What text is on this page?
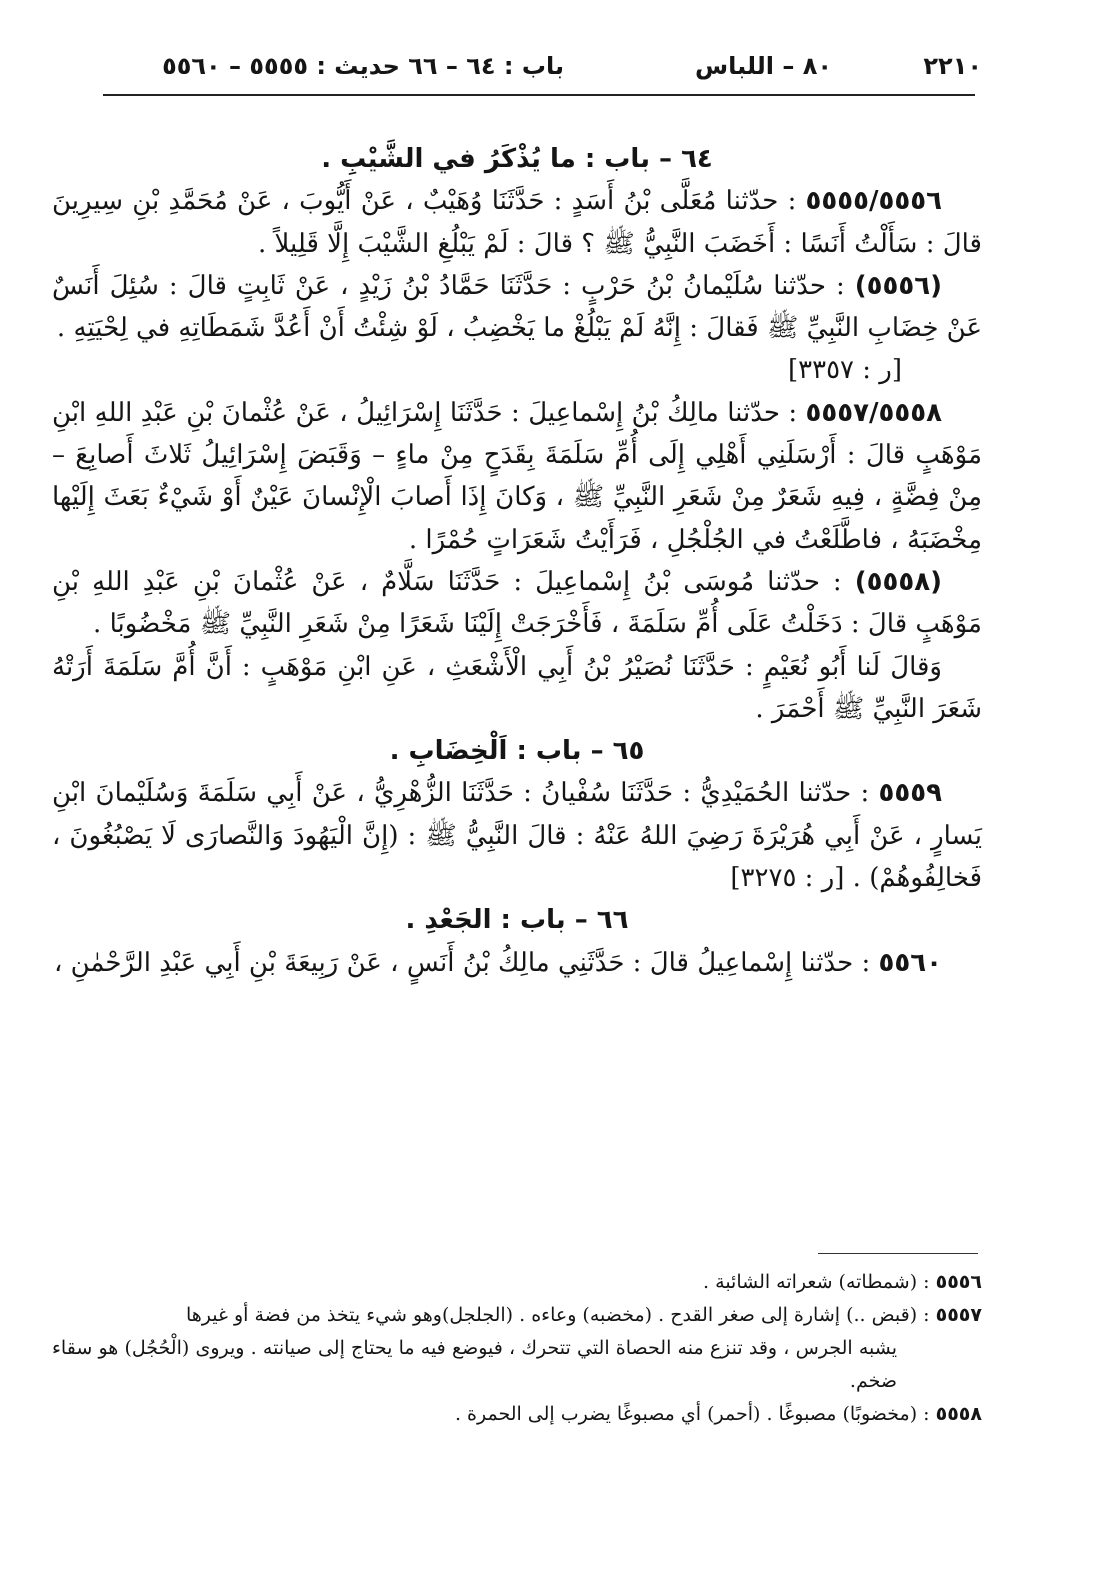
٢٢١٠
٨٠ – اللباس
باب : ٦٤ – ٦٦ حديث : ٥٥٥٥ – ٥٥٦٠

٦٤ – باب : ما يُذْكَرُ في الشَّيْبِ .

٥٥٥٥/٥٥٥٦ : حدّثنا مُعَلَّى بْنُ أَسَدٍ : حَدَّثَنَا وُهَيْبٌ ، عَنْ أَيُّوبَ ، عَنْ مُحَمَّدِ بْنِ سِيرِينَ قالَ : سَأَلْتُ أَنَسًا : أَخَضَبَ النَّبِيُّ ﷺ ؟ قالَ : لَمْ يَبْلُغِ الشَّيْبَ إِلَّا قَلِيلاً .

(٥٥٥٦) : حدّثنا سُلَيْمانُ بْنُ حَرْبٍ : حَدَّثَنَا حَمَّادُ بْنُ زَيْدٍ ، عَنْ ثَابِتٍ قالَ : سُئِلَ أَنَسٌ عَنْ خِضَابِ النَّبِيِّ ﷺ فَقالَ : إِنَّهُ لَمْ يَبْلُغْ ما يَخْضِبُ ، لَوْ شِئْتُ أَنْ أَعُدَّ شَمَطَاتِهِ في لِحْيَتِهِ .
[ر : ٣٣٥٧]

٥٥٥٧/٥٥٥٨ : حدّثنا مالِكُ بْنُ إِسْماعِيلَ : حَدَّثَنَا إِسْرَائِيلُ ، عَنْ عُثْمانَ بْنِ عَبْدِ اللهِ ابْنِ مَوْهَبٍ قالَ : أَرْسَلَنِي أَهْلِي إِلَى أُمِّ سَلَمَةَ بِقَدَحٍ مِنْ ماءٍ – وَقَبَضَ إِسْرَائِيلُ ثَلاثَ أَصابِعَ – مِنْ فِضَّةٍ ، فِيهِ شَعَرٌ مِنْ شَعَرِ النَّبِيِّ ﷺ ، وَكانَ إِذَا أَصابَ الْإِنْسانَ عَيْنٌ أَوْ شَيْءٌ بَعَثَ إِلَيْها مِخْضَبَهُ ، فاطَّلَعْتُ في الجُلْجُلِ ، فَرَأَيْتُ شَعَرَاتٍ حُمْرًا .

(٥٥٥٨) : حدّثنا مُوسَى بْنُ إِسْماعِيلَ : حَدَّثَنَا سَلَّامٌ ، عَنْ عُثْمانَ بْنِ عَبْدِ اللهِ بْنِ مَوْهَبٍ قالَ : دَخَلْتُ عَلَى أُمِّ سَلَمَةَ ، فَأَخْرَجَتْ إِلَيْنَا شَعَرًا مِنْ شَعَرِ النَّبِيِّ ﷺ مَخْضُوبًا .

وَقالَ لَنا أَبُو نُعَيْمٍ : حَدَّثَنَا نُصَيْرُ بْنُ أَبِي الْأَشْعَثِ ، عَنِ ابْنِ مَوْهَبٍ : أَنَّ أُمَّ سَلَمَةَ أَرَتْهُ شَعَرَ النَّبِيِّ ﷺ أَحْمَرَ .

٦٥ – باب : اَلْخِضَابِ .

٥٥٥٩ : حدّثنا الحُمَيْدِيُّ : حَدَّثَنَا سُفْيانُ : حَدَّثَنَا الزُّهْرِيُّ ، عَنْ أَبِي سَلَمَةَ وَسُلَيْمانَ ابْنِ يَسارٍ ، عَنْ أَبِي هُرَيْرَةَ رَضِيَ اللهُ عَنْهُ : قالَ النَّبِيُّ ﷺ : (إِنَّ الْيَهُودَ وَالنَّصارَى لَا يَصْبُغُونَ ، فَخالِفُوهُمْ) . [ر : ٣٢٧٥]

٦٦ – باب : الجَعْدِ .

٥٥٦٠ : حدّثنا إِسْماعِيلُ قالَ : حَدَّثَنِي مالِكُ بْنُ أَنَسٍ ، عَنْ رَبِيعَةَ بْنِ أَبِي عَبْدِ الرَّحْمٰنِ ،

٥٥٥٦ : (شمطاته) شعراته الشائبة .

٥٥٥٧ : (قبض ..) إشارة إلى صغر القدح . (مخضبه) وعاءه . (الجلجل)وهو شيء يتخذ من فضة أو غيرها

يشبه الجرس ، وقد تنزع منه الحصاة التي تتحرك ، فيوضع فيه ما يحتاج إلى صيانته . ويروى (الْحُجُل) هو سقاء ضخم.

٥٥٥٨ : (مخضوبًا) مصبوغًا . (أحمر) أي مصبوغًا يضرب إلى الحمرة .
